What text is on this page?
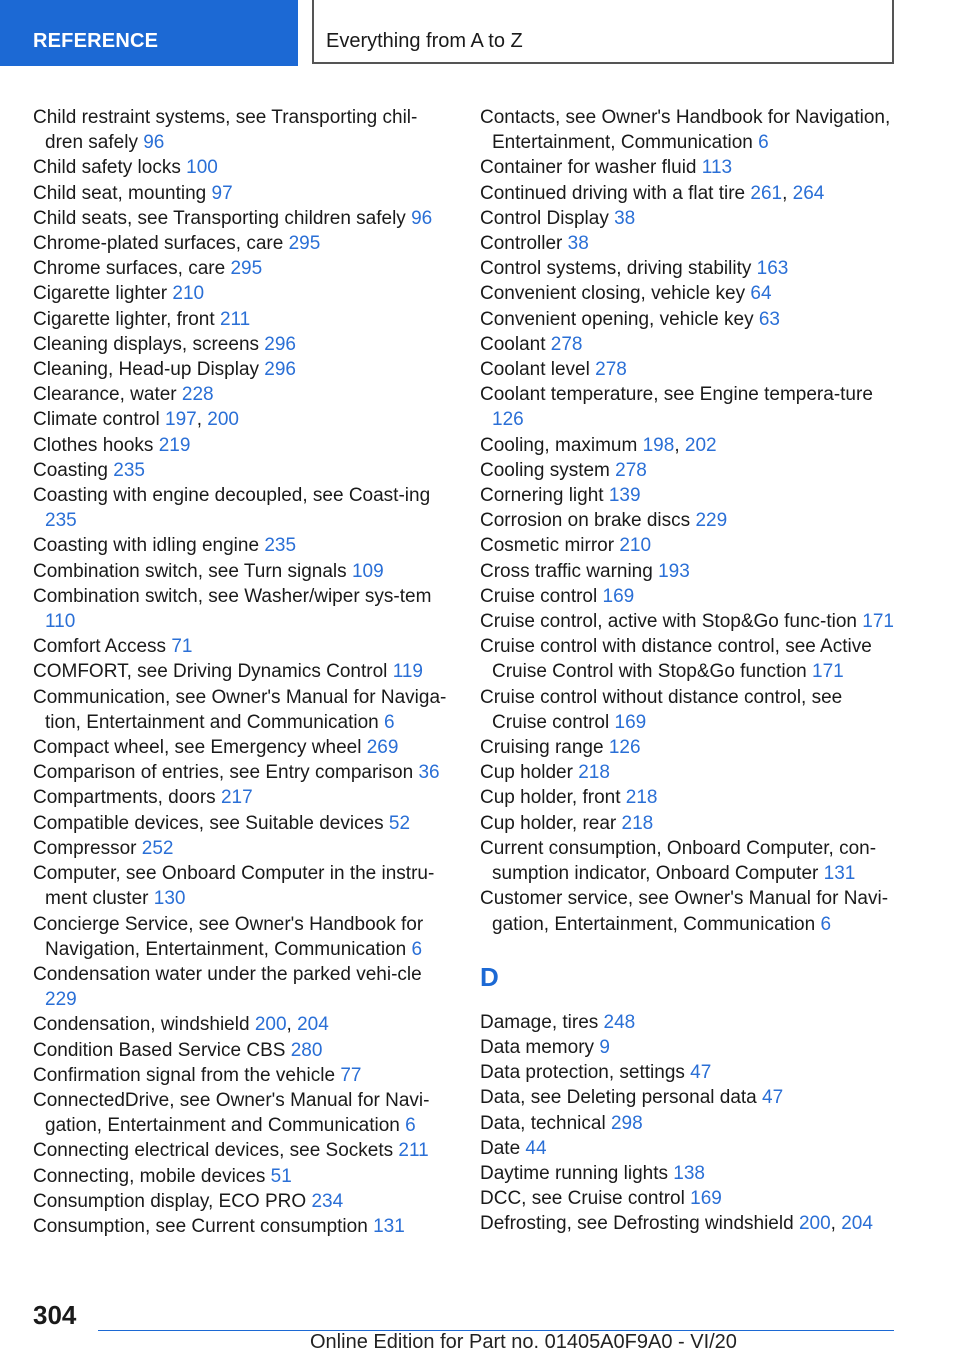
REFERENCE	Everything from A to Z

Child restraint systems, see Transporting chil-dren safely 96

Child safety locks 100

Child seat, mounting 97

Child seats, see Transporting children safely 96

Chrome-plated surfaces, care 295

Chrome surfaces, care 295

Cigarette lighter 210

Cigarette lighter, front 211

Cleaning displays, screens 296

Cleaning, Head-up Display 296

Clearance, water 228

Climate control 197, 200

Clothes hooks 219

Coasting 235

Coasting with engine decoupled, see Coast-ing 235

Coasting with idling engine 235

Combination switch, see Turn signals 109

Combination switch, see Washer/wiper sys-tem 110

Comfort Access 71

COMFORT, see Driving Dynamics Control 119

Communication, see Owner's Manual for Naviga-tion, Entertainment and Communication 6

Compact wheel, see Emergency wheel 269

Comparison of entries, see Entry comparison 36

Compartments, doors 217

Compatible devices, see Suitable devices 52

Compressor 252

Computer, see Onboard Computer in the instru-ment cluster 130

Concierge Service, see Owner's Handbook for Navigation, Entertainment, Communication 6

Condensation water under the parked vehi-cle 229

Condensation, windshield 200, 204

Condition Based Service CBS 280

Confirmation signal from the vehicle 77

ConnectedDrive, see Owner's Manual for Navi-gation, Entertainment and Communication 6

Connecting electrical devices, see Sockets 211

Connecting, mobile devices 51

Consumption display, ECO PRO 234

Consumption, see Current consumption 131

Contacts, see Owner's Handbook for Navigation, Entertainment, Communication 6

Container for washer fluid 113

Continued driving with a flat tire 261, 264

Control Display 38

Controller 38

Control systems, driving stability 163

Convenient closing, vehicle key 64

Convenient opening, vehicle key 63

Coolant 278

Coolant level 278

Coolant temperature, see Engine tempera-ture 126

Cooling, maximum 198, 202

Cooling system 278

Cornering light 139

Corrosion on brake discs 229

Cosmetic mirror 210

Cross traffic warning 193

Cruise control 169

Cruise control, active with Stop&Go func-tion 171

Cruise control with distance control, see Active Cruise Control with Stop&Go function 171

Cruise control without distance control, see Cruise control 169

Cruising range 126

Cup holder 218

Cup holder, front 218

Cup holder, rear 218

Current consumption, Onboard Computer, con-sumption indicator, Onboard Computer 131

Customer service, see Owner's Manual for Navi-gation, Entertainment, Communication 6

D

Damage, tires 248

Data memory 9

Data protection, settings 47

Data, see Deleting personal data 47

Data, technical 298

Date 44

Daytime running lights 138

DCC, see Cruise control 169

Defrosting, see Defrosting windshield 200, 204

304
Online Edition for Part no. 01405A0F9A0 - VI/20
